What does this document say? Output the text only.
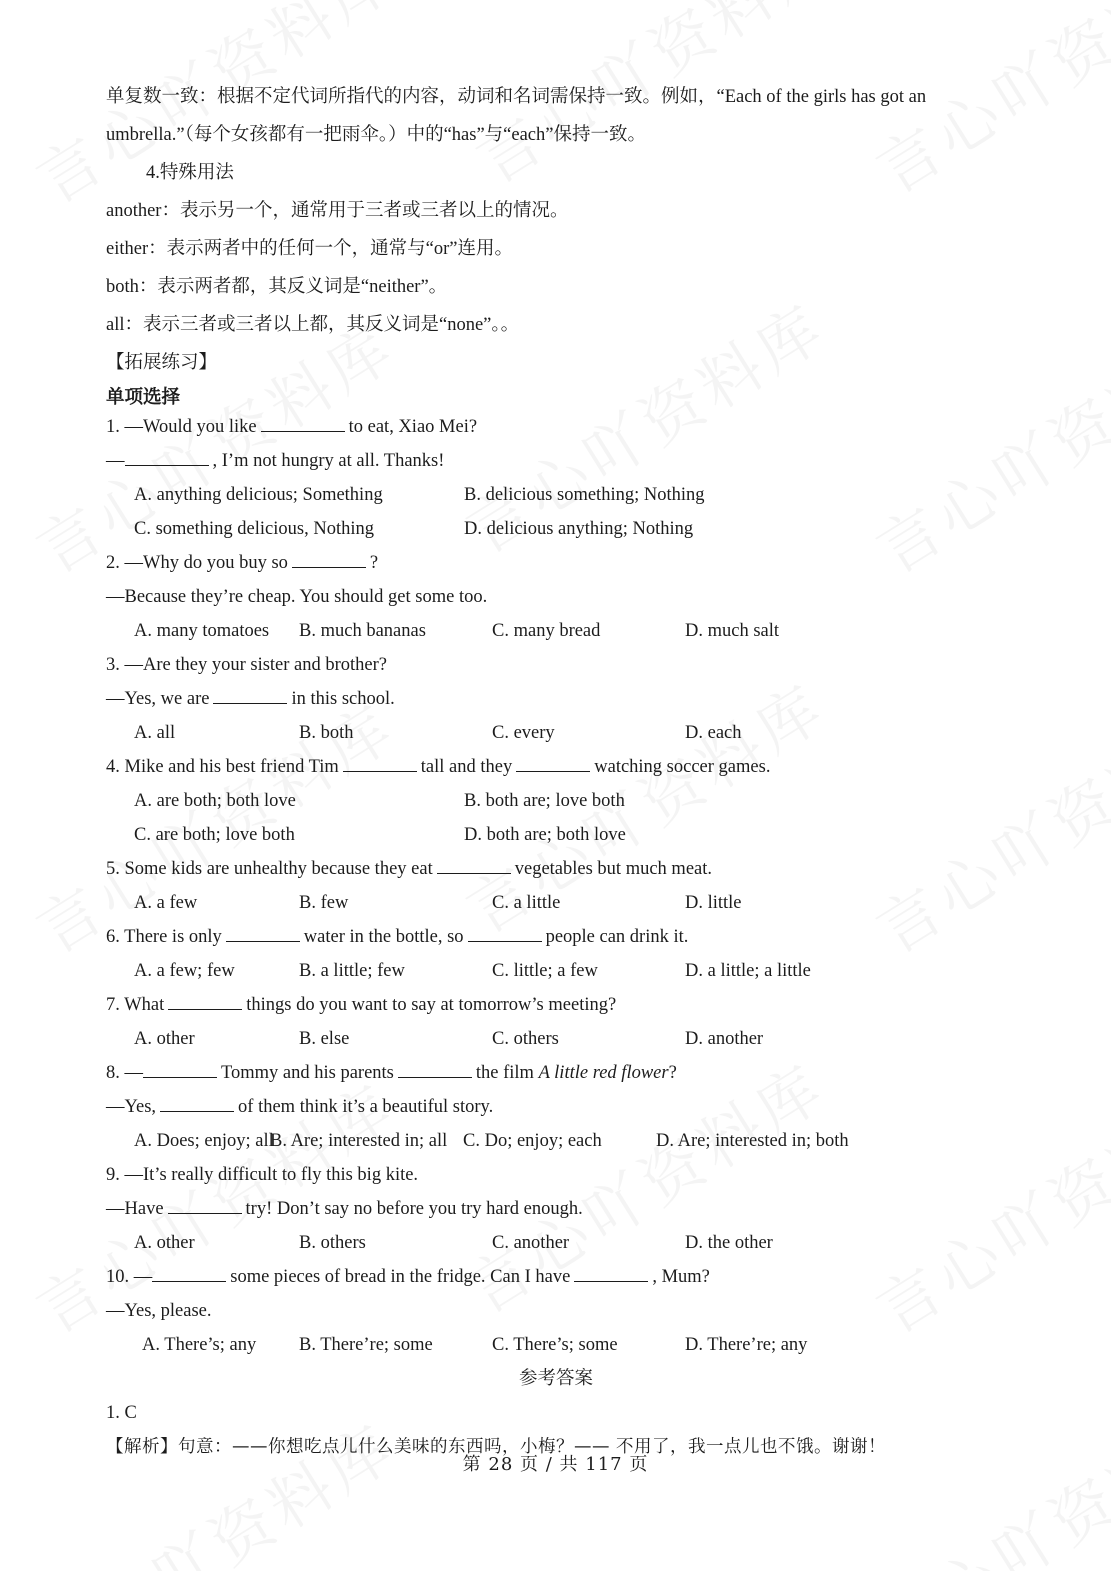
单复数一致：根据不定代词所指代的内容，动词和名词需保持一致。例如，“Each of the girls has got an
umbrella.”（每个女孩都有一把雨伞。）中的“has”与“each”保持一致。
4.特殊用法
another：表示另一个，通常用于三者或三者以上的情况。
either：表示两者中的任何一个，通常与“or”连用。
both：表示两者都，其反义词是“neither”。
all：表示三者或三者以上都，其反义词是“none”。。
【拓展练习】
单项选择
1. —Would you like	to eat, Xiao Mei?
—	, I’m not hungry at all. Thanks!
A. anything delicious; Something	B. delicious something; Nothing
C. something delicious, Nothing	D. delicious anything; Nothing
2. —Why do you buy so	?
—Because they’re cheap. You should get some too.
A. many tomatoes	B. much bananas	C. many bread	D. much salt
3. —Are they your sister and brother?
—Yes, we are	in this school.
A. all	B. both	C. every	D. each
4. Mike and his best friend Tim	tall and they	watching soccer games.
A. are both; both love	B. both are; love both
C. are both; love both	D. both are; both love
5. Some kids are unhealthy because they eat	vegetables but much meat.
A. a few	B. few	C. a little	D. little
6. There is only	water in the bottle, so	people can drink it.
A. a few; few	B. a little; few	C. little; a few	D. a little; a little
7. What	things do you want to say at tomorrow’s meeting?
A. other	B. else	C. others	D. another
8. —	Tommy and his parents	the film A little red flower?
—Yes,	of them think it’s a beautiful story.
A. Does; enjoy; all
B. Are; interested in; all C. Do; enjoy; each	D. Are; interested in; both
9. —It’s really difficult to fly this big kite.
—Have	try! Don’t say no before you try hard enough.
A. other	B. others	C. another	D. the other
10. —	some pieces of bread in the fridge. Can I have	, Mum?
—Yes, please.
A. There’s; any	B. There’re; some	C. There’s; some	D. There’re; any
参考答案
1. C
【解析】句意：——你想吃点儿什么美味的东西吗，小梅？—— 不用了，我一点儿也不饿。谢谢！
第 28 页 / 共 117 页
